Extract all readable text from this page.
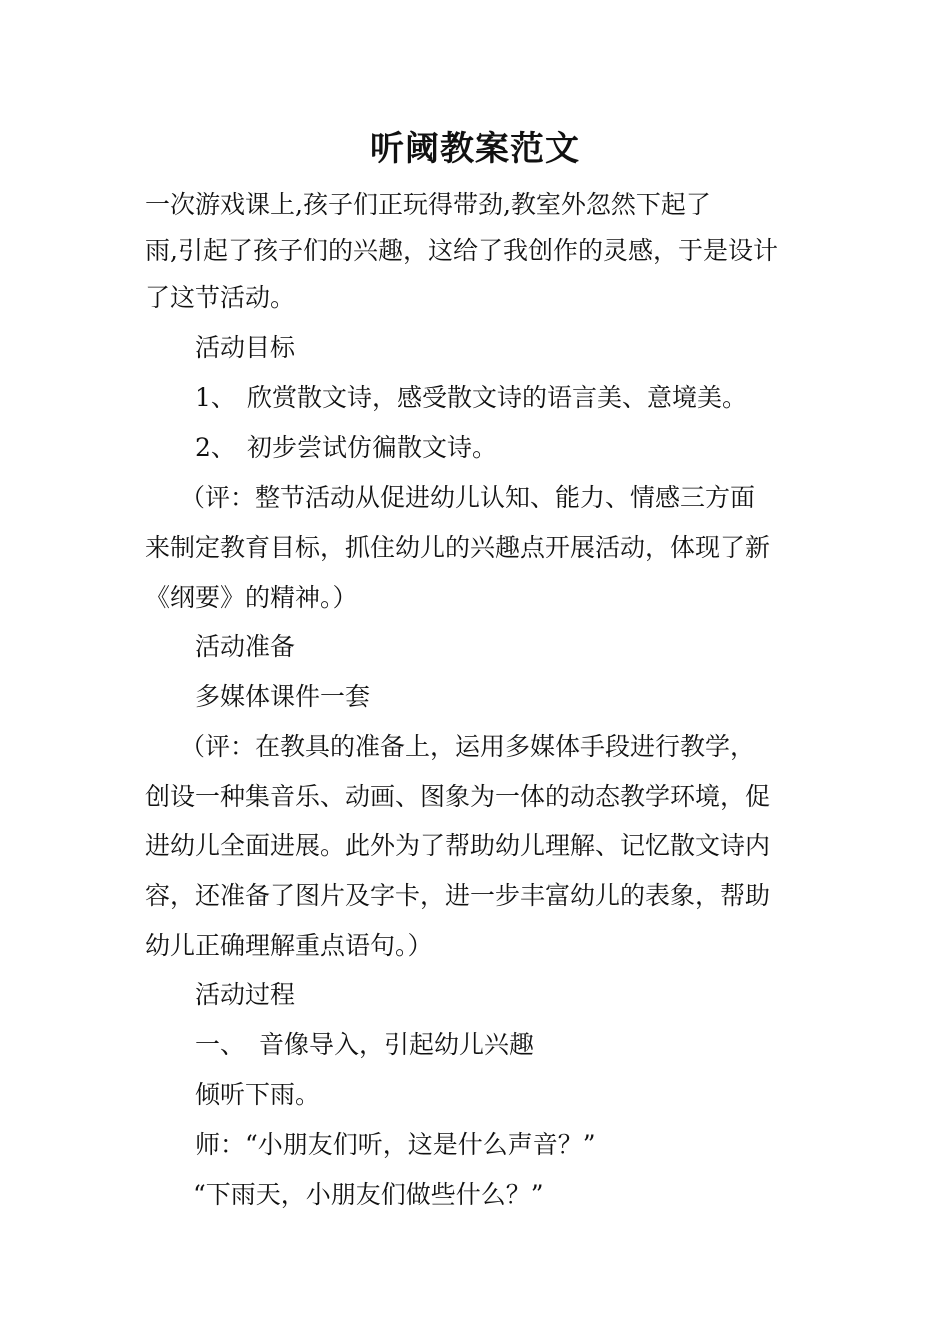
听阈教案范文
一次游戏课上,孩子们正玩得带劲,教室外忽然下起了
雨,引起了孩子们的兴趣，这给了我创作的灵感，于是设计
了这节活动。
活动目标
1、 欣赏散文诗，感受散文诗的语言美、意境美。
2、 初步尝试仿徧散文诗。
（评：整节活动从促进幼儿认知、能力、情感三方面
来制定教育目标，抓住幼儿的兴趣点开展活动，体现了新
《纲要》的精神。）
活动准备
多媒体课件一套
（评：在教具的准备上，运用多媒体手段进行教学，
创设一种集音乐、动画、图象为一体的动态教学环境，促
进幼儿全面进展。此外为了帮助幼儿理解、记忆散文诗内
容，还准备了图片及字卡，进一步丰富幼儿的表象，帮助
幼儿正确理解重点语句。）
活动过程
一、 音像导入，引起幼儿兴趣
倾听下雨。
师：“小朋友们听，这是什么声音？”
“下雨天，小朋友们做些什么？”
